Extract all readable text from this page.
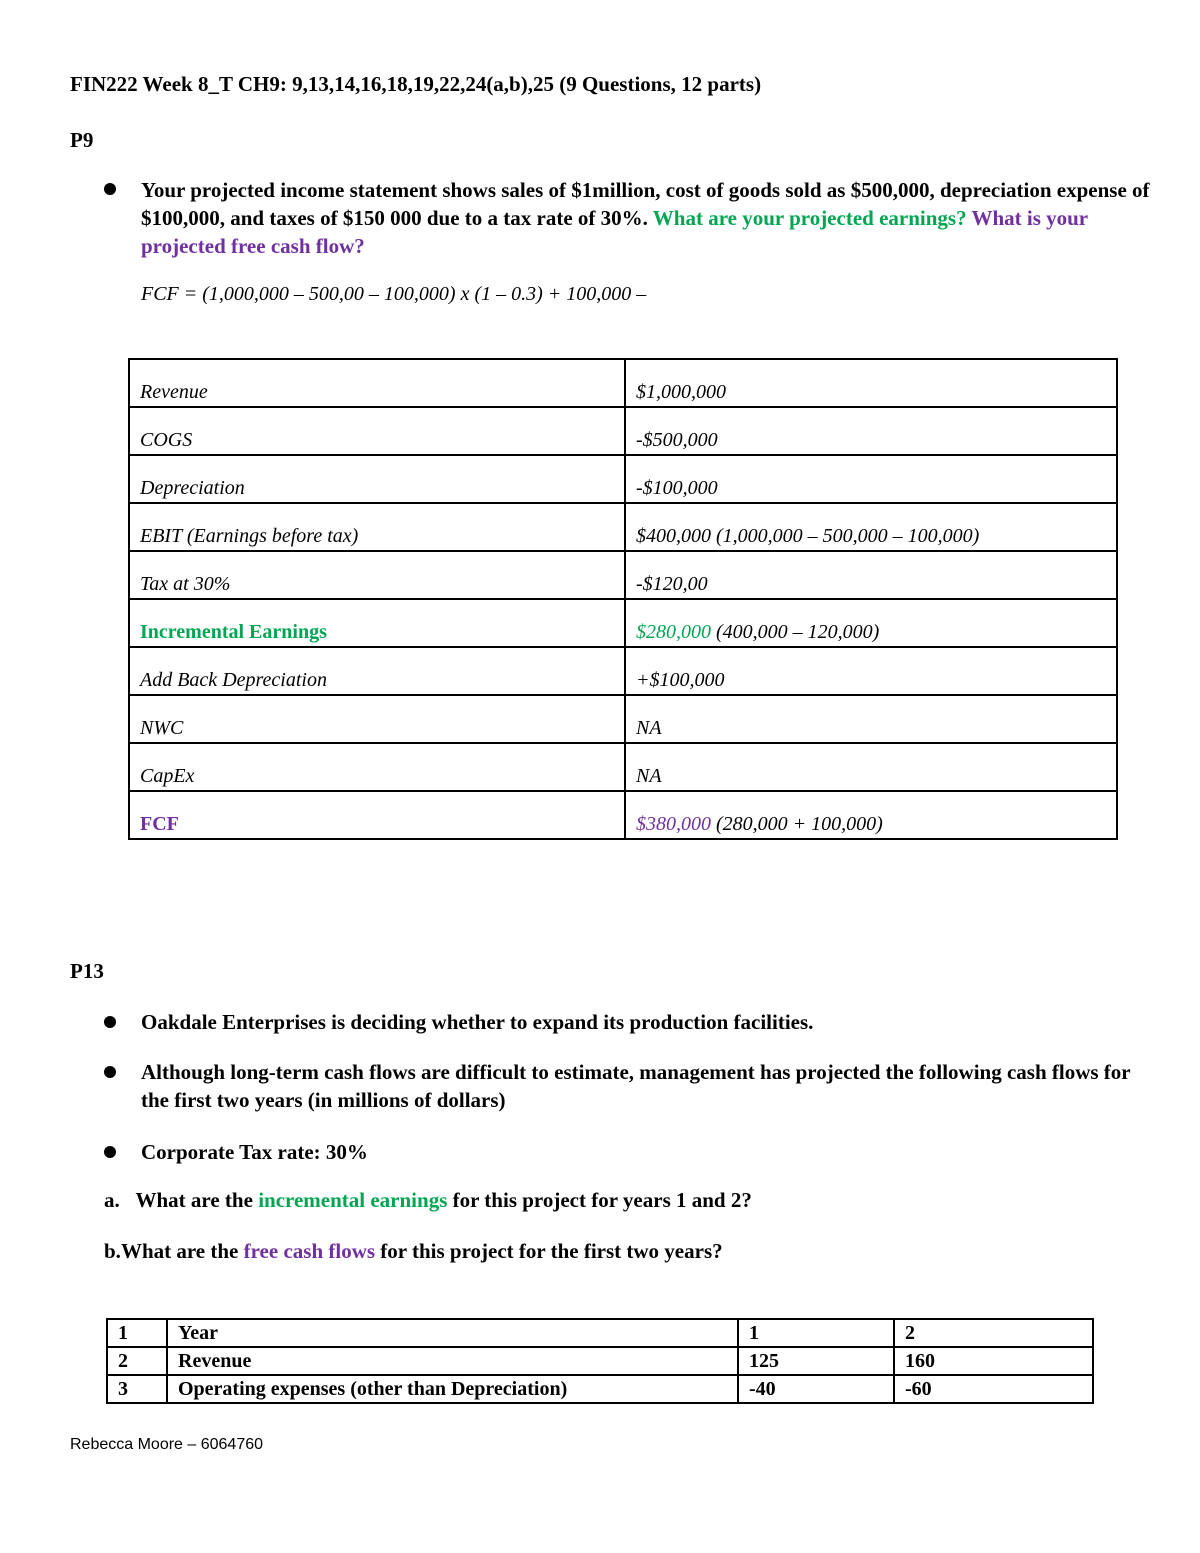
FIN222 Week 8_T CH9: 9,13,14,16,18,19,22,24(a,b),25 (9 Questions, 12 parts)
P9
Your projected income statement shows sales of $1million, cost of goods sold as $500,000, depreciation expense of $100,000, and taxes of $150 000 due to a tax rate of 30%. What are your projected earnings? What is your projected free cash flow?
FCF = (1,000,000 – 500,00 – 100,000) x (1 – 0.3) + 100,000 –
Revenue	$1,000,000
COGS	-$500,000
Depreciation	-$100,000
EBIT (Earnings before tax)	$400,000 (1,000,000 – 500,000 – 100,000)
Tax at 30%	-$120,00
Incremental Earnings	$280,000 (400,000 – 120,000)
Add Back Depreciation	+$100,000
NWC	NA
CapEx	NA
FCF	$380,000 (280,000 + 100,000)
P13
Oakdale Enterprises is deciding whether to expand its production facilities.
Although long-term cash flows are difficult to estimate, management has projected the following cash flows for the first two years (in millions of dollars)
Corporate Tax rate: 30%
a. What are the incremental earnings for this project for years 1 and 2?
b.What are the free cash flows for this project for the first two years?
1	Year	1	2
2	Revenue	125	160
3	Operating expenses (other than Depreciation)	-40	-60
Rebecca Moore – 6064760
